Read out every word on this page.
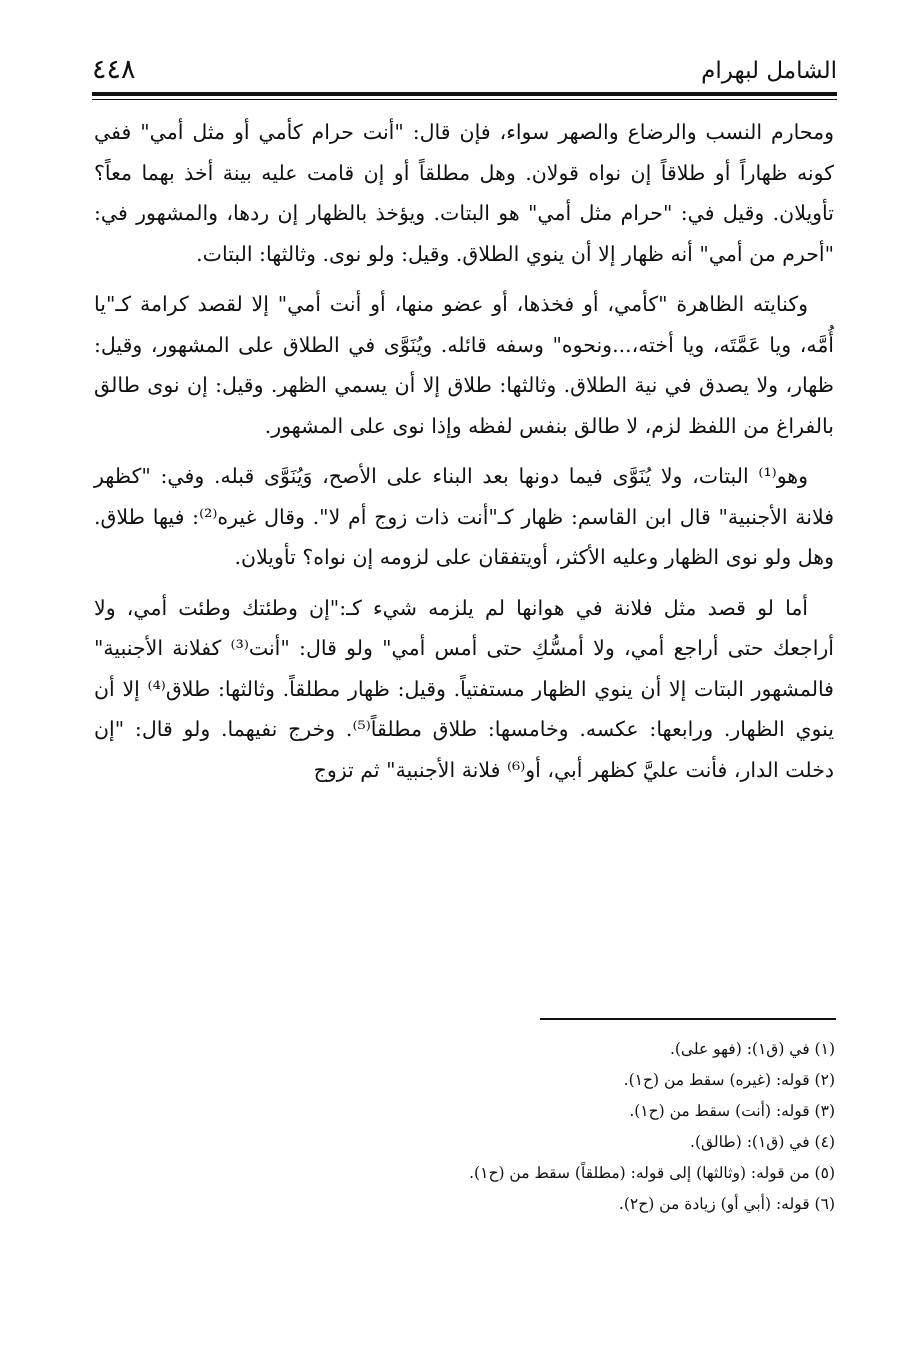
٤٤٨	الشامل لبهرام

ومحارم النسب والرضاع والصهر سواء، فإن قال: "أنت حرام كأمي أو مثل أمي" ففي كونه ظهاراً أو طلاقاً إن نواه قولان. وهل مطلقاً أو إن قامت عليه بينة أخذ بهما معاً؟ تأويلان. وقيل في: "حرام مثل أمي" هو البتات. ويؤخذ بالظهار إن ردها، والمشهور في: "أحرم من أمي" أنه ظهار إلا أن ينوي الطلاق. وقيل: ولو نوى. وثالثها: البتات.

وكنايته الظاهرة "كأمي، أو فخذها، أو عضو منها، أو أنت أمي" إلا لقصد كرامة كـ"يا أُمَّه، ويا عَمَّتَه، ويا أخته،...ونحوه" وسفه قائله. ويُنَوَّى في الطلاق على المشهور، وقيل: ظهار، ولا يصدق في نية الطلاق. وثالثها: طلاق إلا أن يسمي الظهر. وقيل: إن نوى طالق بالفراغ من اللفظ لزم، لا طالق بنفس لفظه وإذا نوى على المشهور.

وهو⁽¹⁾ البتات، ولا يُنَوَّى فيما دونها بعد البناء على الأصح، وَيُنَوَّى قبله. وفي: "كظهر فلانة الأجنبية" قال ابن القاسم: ظهار كـ"أنت ذات زوج أم لا". وقال غيره⁽²⁾: فيها طلاق. وهل ولو نوى الظهار وعليه الأكثر، أويتفقان على لزومه إن نواه؟ تأويلان.

أما لو قصد مثل فلانة في هوانها لم يلزمه شيء كـ:"إن وطئتك وطئت أمي، ولا أراجعك حتى أراجع أمي، ولا أمسُّكِ حتى أمس أمي" ولو قال: "أنت⁽³⁾ كفلانة الأجنبية" فالمشهور البتات إلا أن ينوي الظهار مستفتياً. وقيل: ظهار مطلقاً. وثالثها: طلاق⁽⁴⁾ إلا أن ينوي الظهار. ورابعها: عكسه. وخامسها: طلاق مطلقاً⁽⁵⁾. وخرج نفيهما. ولو قال: "إن دخلت الدار، فأنت عليَّ كظهر أبي، أو⁽⁶⁾ فلانة الأجنبية" ثم تزوج

(١) في (ق١): (فهو على).

(٢) قوله: (غيره) سقط من (ح١).

(٣) قوله: (أنت) سقط من (ح١).

(٤) في (ق١): (طالق).

(٥) من قوله: (وثالثها) إلى قوله: (مطلقاً) سقط من (ح١).

(٦) قوله: (أبي أو) زيادة من (ح٢).
